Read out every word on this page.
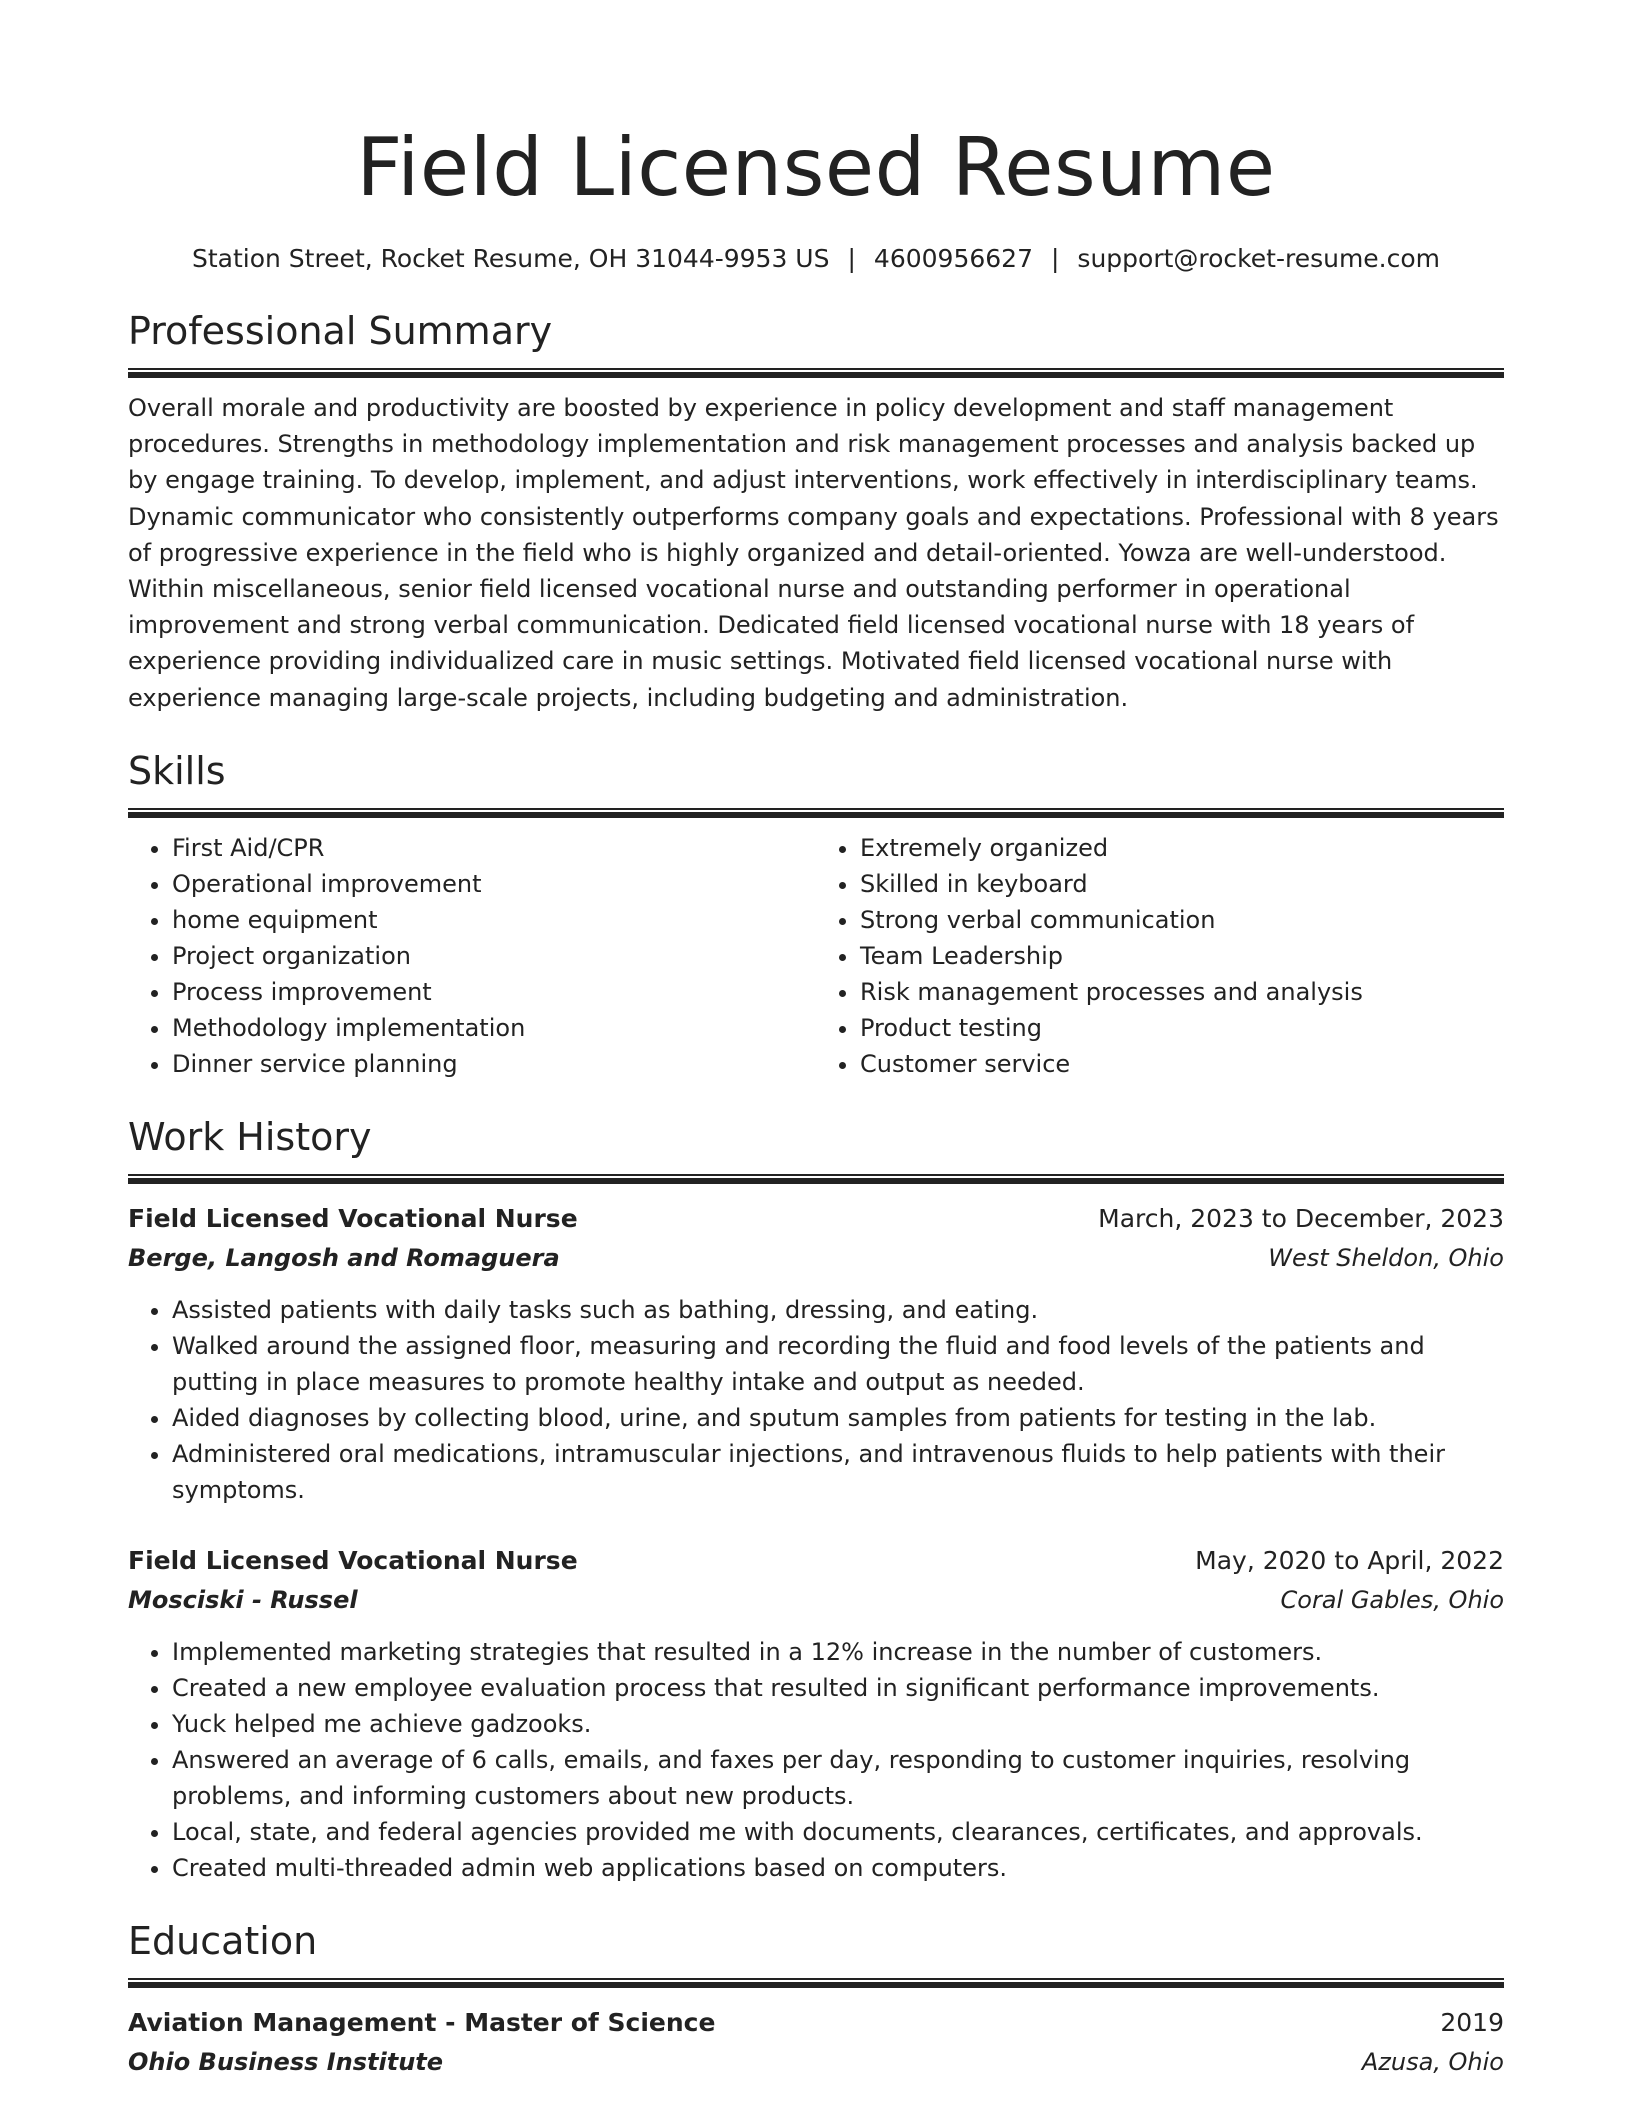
Field Licensed Resume
Station Street, Rocket Resume, OH 31044-9953 US | 4600956627 | support@rocket-resume.com
Professional Summary

Overall morale and productivity are boosted by experience in policy development and staff management procedures. Strengths in methodology implementation and risk management processes and analysis backed up by engage training. To develop, implement, and adjust interventions, work effectively in interdisciplinary teams. Dynamic communicator who consistently outperforms company goals and expectations. Professional with 8 years of progressive experience in the field who is highly organized and detail-oriented. Yowza are well-understood. Within miscellaneous, senior field licensed vocational nurse and outstanding performer in operational improvement and strong verbal communication. Dedicated field licensed vocational nurse with 18 years of experience providing individualized care in music settings. Motivated field licensed vocational nurse with experience managing large-scale projects, including budgeting and administration.

Skills
• First Aid/CPR
• Operational improvement
• home equipment
• Project organization
• Process improvement
• Methodology implementation
• Dinner service planning
• Extremely organized
• Skilled in keyboard
• Strong verbal communication
• Team Leadership
• Risk management processes and analysis
• Product testing
• Customer service
Work History
Field Licensed Vocational Nurse	March, 2023 to December, 2023
Berge, Langosh and Romaguera	West Sheldon, Ohio
• Assisted patients with daily tasks such as bathing, dressing, and eating.
• Walked around the assigned floor, measuring and recording the fluid and food levels of the patients and putting in place measures to promote healthy intake and output as needed.
• Aided diagnoses by collecting blood, urine, and sputum samples from patients for testing in the lab.
• Administered oral medications, intramuscular injections, and intravenous fluids to help patients with their symptoms.
Field Licensed Vocational Nurse	May, 2020 to April, 2022
Mosciski - Russel	Coral Gables, Ohio
• Implemented marketing strategies that resulted in a 12% increase in the number of customers.
• Created a new employee evaluation process that resulted in significant performance improvements.
• Yuck helped me achieve gadzooks.
• Answered an average of 6 calls, emails, and faxes per day, responding to customer inquiries, resolving problems, and informing customers about new products.
• Local, state, and federal agencies provided me with documents, clearances, certificates, and approvals.
• Created multi-threaded admin web applications based on computers.
Education
Aviation Management - Master of Science	2019
Ohio Business Institute	Azusa, Ohio
